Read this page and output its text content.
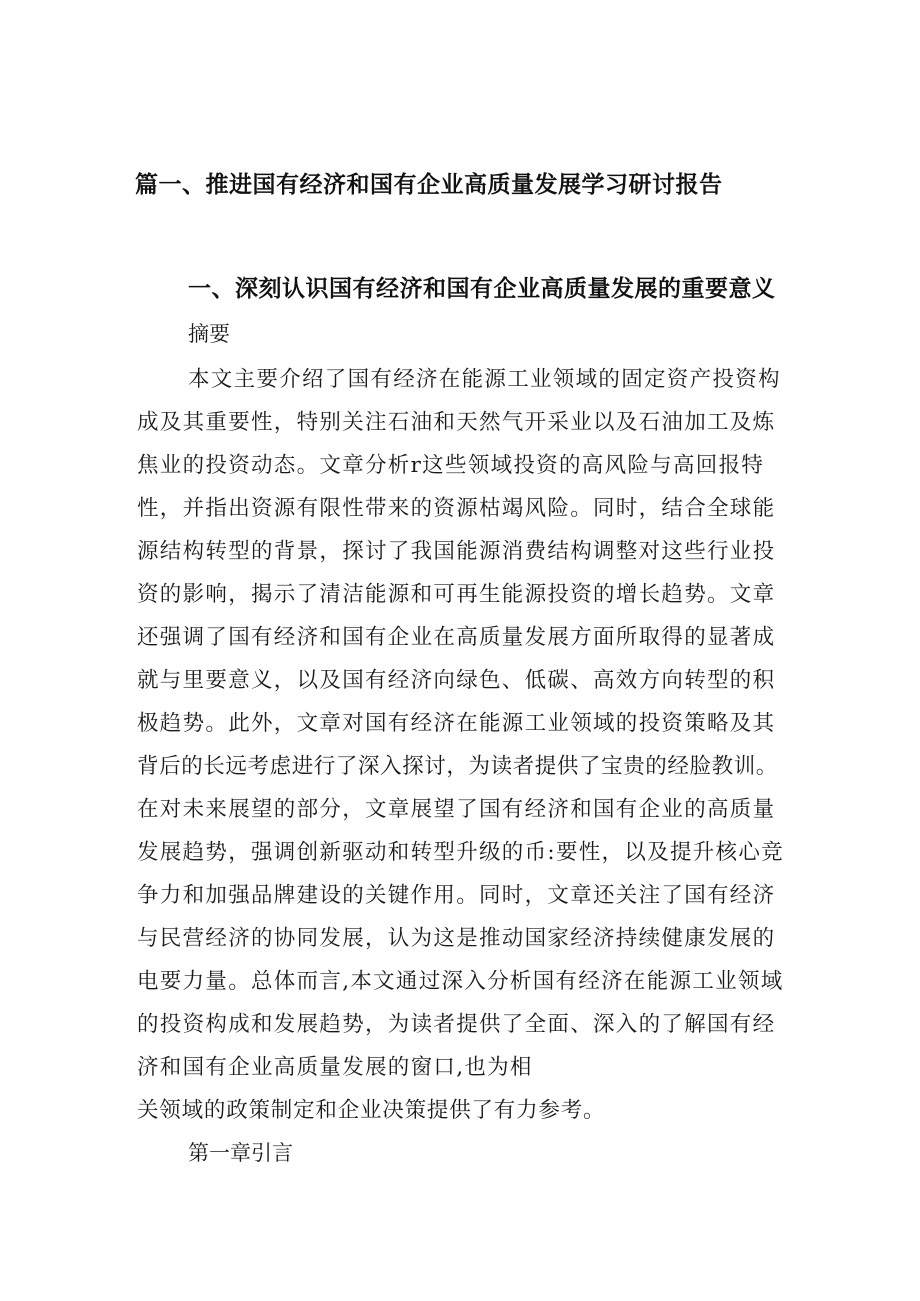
篇一、推进国有经济和国有企业高质量发展学习研讨报告
一、深刻认识国有经济和国有企业高质量发展的重要意义
摘要
本文主要介绍了国有经济在能源工业领域的固定资产投资构
成及其重要性，特别关注石油和天然气开采业以及石油加工及炼
焦业的投资动态。文章分析r这些领域投资的高风险与高回报特
性，并指出资源有限性带来的资源枯竭风险。同时，结合全球能
源结构转型的背景，探讨了我国能源消费结构调整对这些行业投
资的影响，揭示了清洁能源和可再生能源投资的增长趋势。文章
还强调了国有经济和国有企业在高质量发展方面所取得的显著成
就与里要意义，以及国有经济向绿色、低碳、高效方向转型的积
极趋势。此外，文章对国有经济在能源工业领域的投资策略及其
背后的长远考虑进行了深入探讨，为读者提供了宝贵的经脸教训。
在对未来展望的部分，文章展望了国有经济和国有企业的高质量
发展趋势，强调创新驱动和转型升级的币:要性，以及提升核心竞
争力和加强品牌建设的关键作用。同时，文章还关注了国有经济
与民营经济的协同发展，认为这是推动国家经济持续健康发展的
电要力量。总体而言,本文通过深入分析国有经济在能源工业领域
的投资构成和发展趋势，为读者提供了全面、深入的了解国有经
济和国有企业高质量发展的窗口,也为相
关领域的政策制定和企业决策提供了有力参考。
第一章引言
